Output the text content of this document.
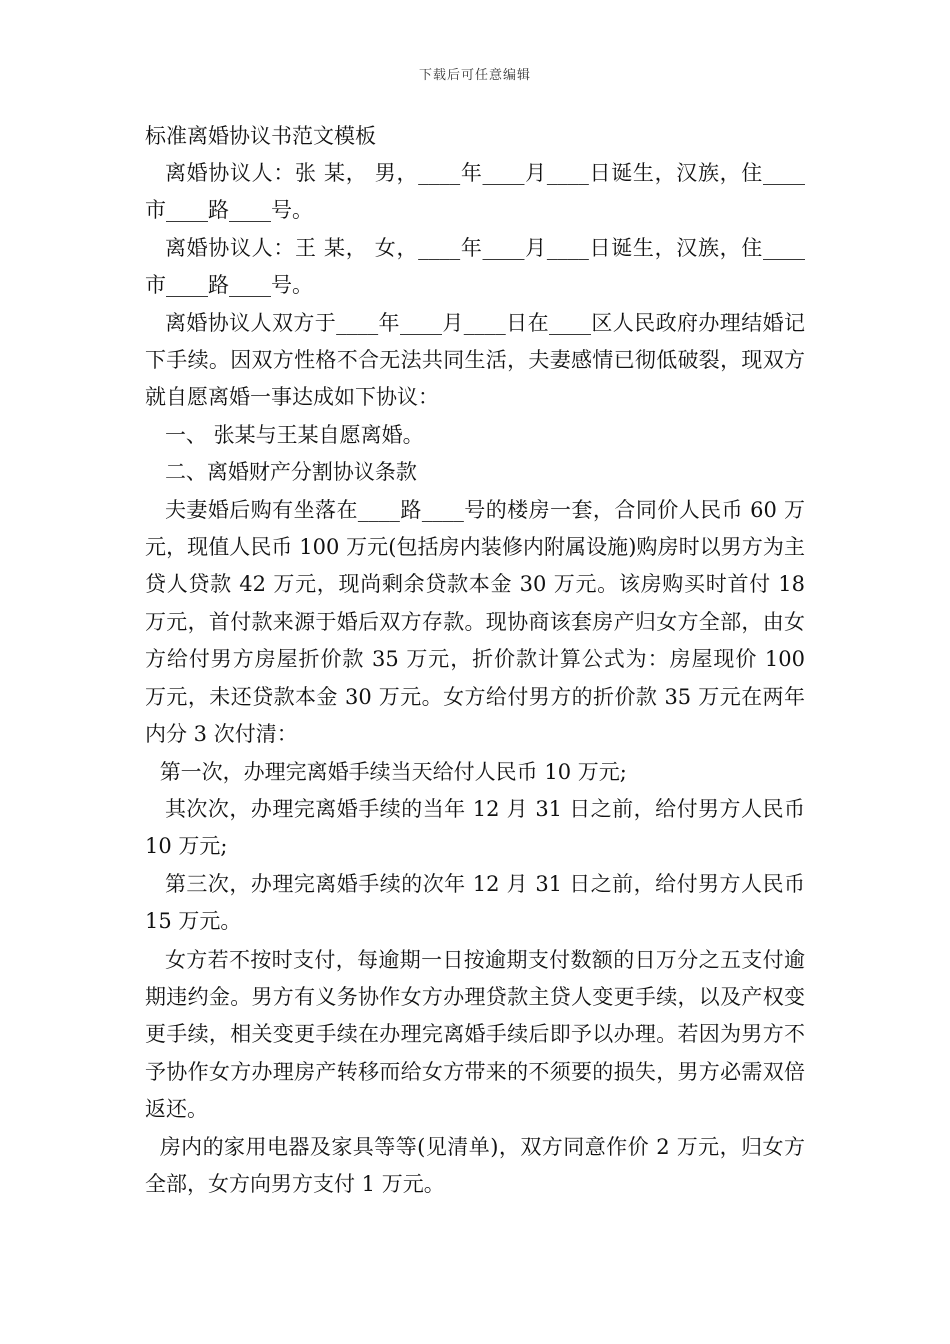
下载后可任意编辑
标准离婚协议书范文模板

离婚协议人：张 某， 男，____年____月____日诞生，汉族，住____市____路____号。

离婚协议人：王 某， 女，____年____月____日诞生，汉族，住____市____路____号。

离婚协议人双方于____年____月____日在____区人民政府办理结婚记下手续。因双方性格不合无法共同生活，夫妻感情已彻低破裂，现双方就自愿离婚一事达成如下协议：

一、 张某与王某自愿离婚。

二、离婚财产分割协议条款

夫妻婚后购有坐落在____路____号的楼房一套，合同价人民币 60 万元，现值人民币 100 万元(包括房内装修内附属设施)购房时以男方为主贷人贷款 42 万元，现尚剩余贷款本金 30 万元。该房购买时首付 18 万元，首付款来源于婚后双方存款。现协商该套房产归女方全部，由女方给付男方房屋折价款 35 万元，折价款计算公式为：房屋现价 100 万元，未还贷款本金 30 万元。女方给付男方的折价款 35 万元在两年内分 3 次付清：

第一次，办理完离婚手续当天给付人民币 10 万元;

其次次，办理完离婚手续的当年 12 月 31 日之前，给付男方人民币 10 万元;

第三次，办理完离婚手续的次年 12 月 31 日之前，给付男方人民币 15 万元。

女方若不按时支付，每逾期一日按逾期支付数额的日万分之五支付逾期违约金。男方有义务协作女方办理贷款主贷人变更手续，以及产权变更手续，相关变更手续在办理完离婚手续后即予以办理。若因为男方不予协作女方办理房产转移而给女方带来的不须要的损失，男方必需双倍返还。

房内的家用电器及家具等等(见清单)，双方同意作价 2 万元，归女方全部，女方向男方支付 1 万元。
